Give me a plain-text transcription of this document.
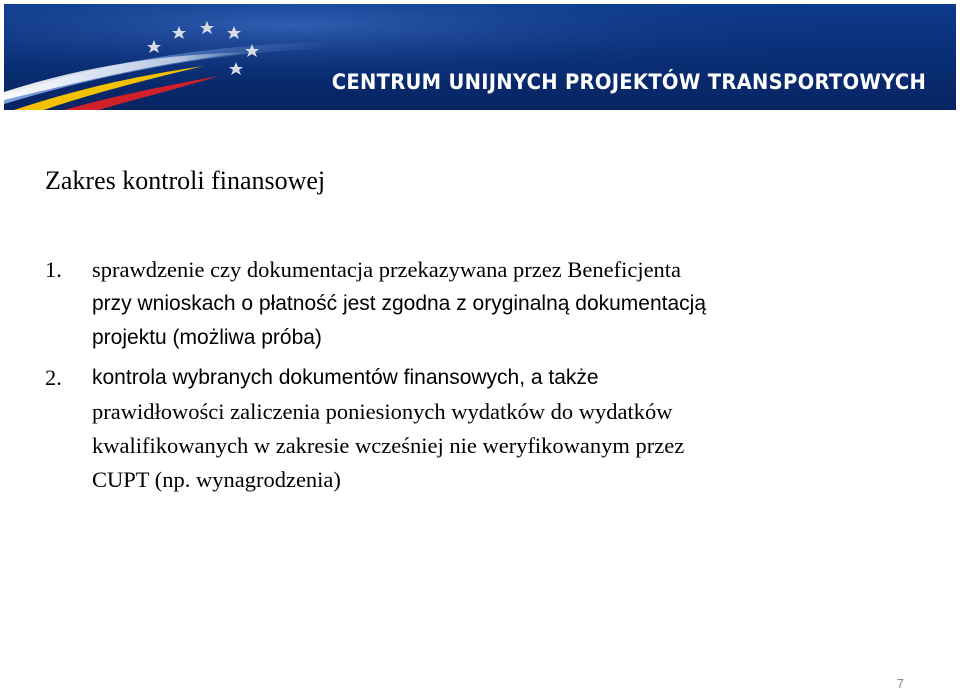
CENTRUM UNIJNYCH PROJEKTÓW TRANSPORTOWYCH
Zakres kontroli finansowej
1. sprawdzenie czy dokumentacja przekazywana przez Beneficjenta
przy wnioskach o płatność jest zgodna z oryginalną dokumentacją
projektu (możliwa próba)
2. kontrola wybranych dokumentów finansowych, a także
prawidłowości zaliczenia poniesionych wydatków do wydatków
kwalifikowanych w zakresie wcześniej nie weryfikowanym przez
CUPT (np. wynagrodzenia)
7
